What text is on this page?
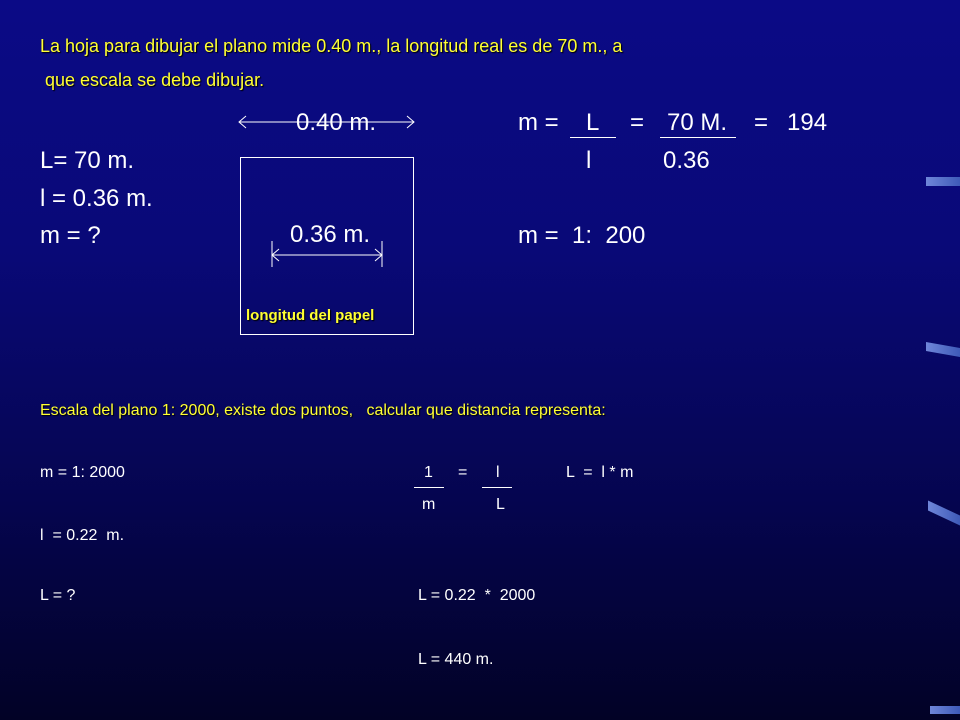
La hoja para dibujar el plano mide 0.40 m., la longitud real es de 70 m., a
que escala se debe dibujar.
0.40 m.
0.36 m.
longitud del papel
L= 70 m.
l = 0.36 m.
m = ?
m = L = 70 M. = 194
l	0.36
m =  1:  200
Escala del plano 1: 2000, existe dos puntos,   calcular que distancia representa:
m = 1: 2000
l  = 0.22  m.
L = ?
1 = l
m	L
L  =  l * m
L = 0.22  *  2000
L = 440 m.
